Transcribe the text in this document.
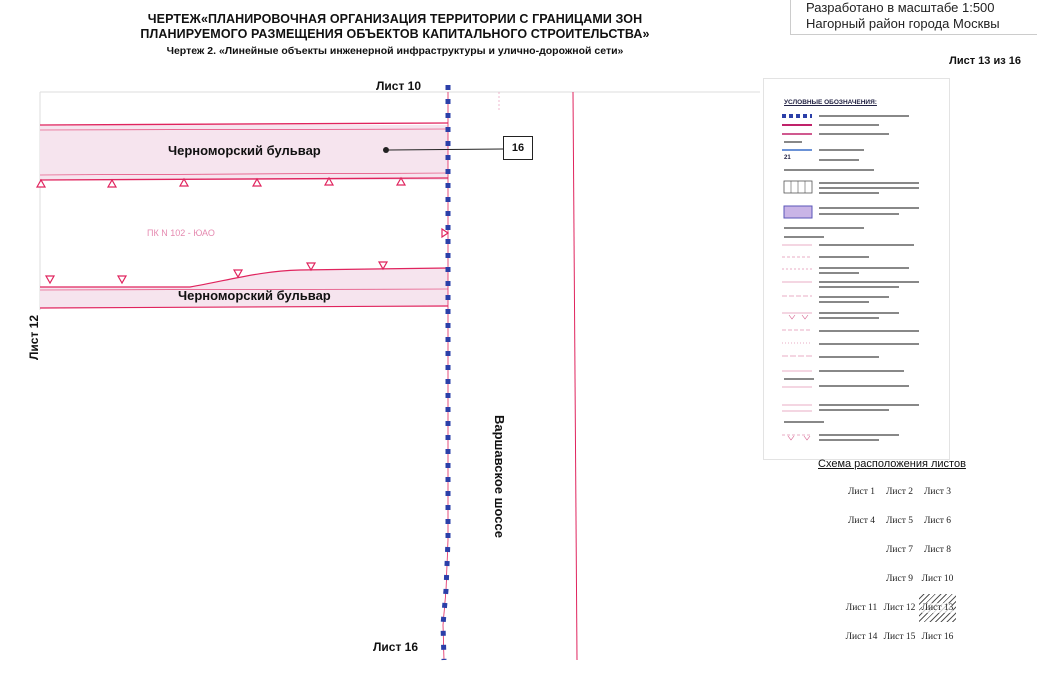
Разработано в масштабе 1:500
Нагорный район города Москвы
ЧЕРТЕЖ«ПЛАНИРОВОЧНАЯ ОРГАНИЗАЦИЯ ТЕРРИТОРИИ С ГРАНИЦАМИ ЗОН
ПЛАНИРУЕМОГО РАЗМЕЩЕНИЯ ОБЪЕКТОВ КАПИТАЛЬНОГО СТРОИТЕЛЬСТВА»
Чертеж 2. «Линейные объекты инженерной инфраструктуры и улично-дорожной сети»
Лист 13 из 16
Лист 10
Лист 16
Лист 12
Черноморский бульвар
Черноморский бульвар
Варшавское шоссе
ПК N 102 - ЮАО
16
УСЛОВНЫЕ ОБОЗНАЧЕНИЯ:
21
Схема расположения листов
Лист 1 Лист 2 Лист 3
Лист 4 Лист 5 Лист 6
Лист 7 Лист 8
Лист 9 Лист 10
Лист 11 Лист 12 Лист 13
Лист 14 Лист 15 Лист 16
